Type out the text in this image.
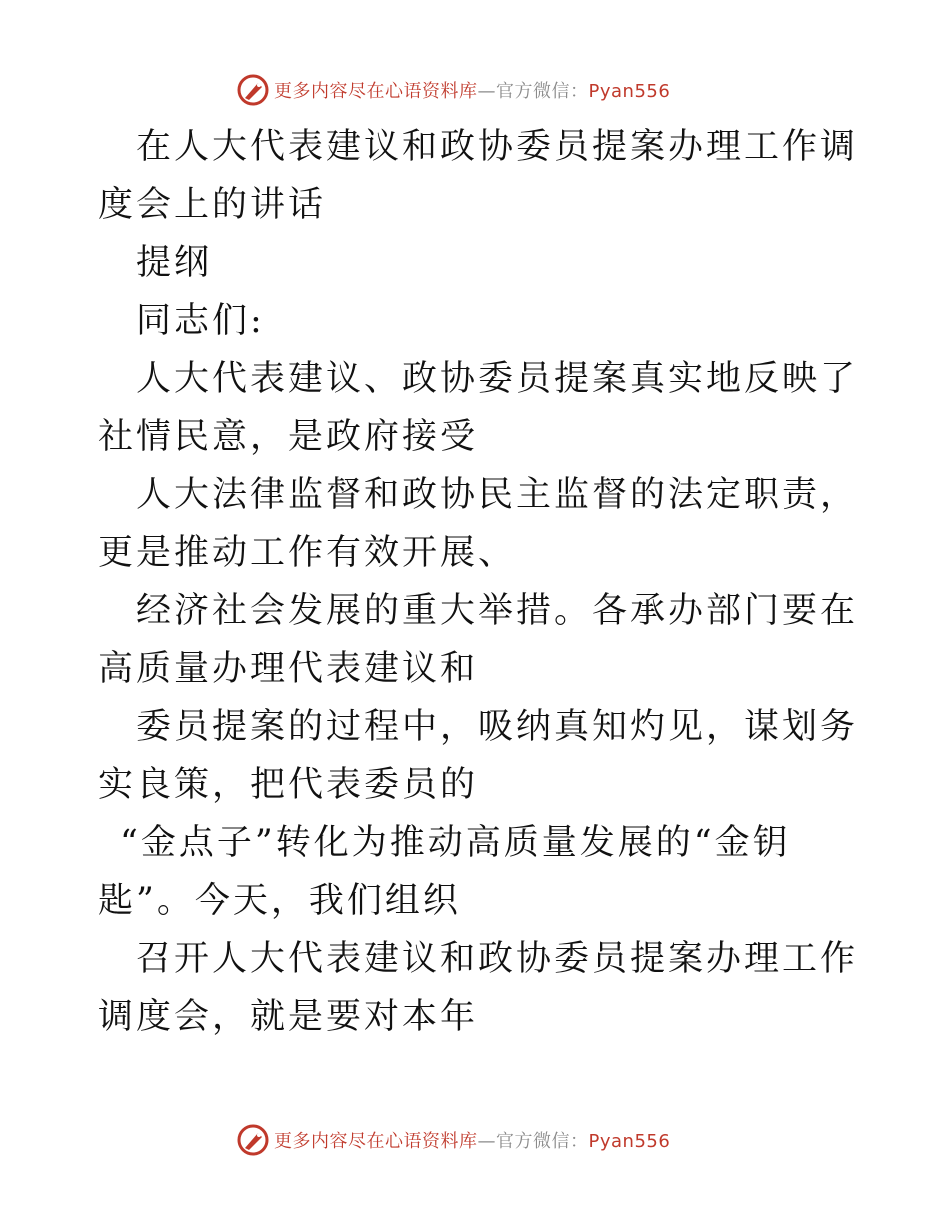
更多内容尽在心语资料库—官方微信：Pyan556

在人大代表建议和政协委员提案办理工作调度会上的讲话

提纲

同志们:

人大代表建议、政协委员提案真实地反映了社情民意，是政府接受

人大法律监督和政协民主监督的法定职责，更是推动工作有效开展、

经济社会发展的重大举措。各承办部门要在高质量办理代表建议和

委员提案的过程中，吸纳真知灼见，谋划务实良策，把代表委员的

“金点子”转化为推动高质量发展的“金钥匙”。今天，我们组织

召开人大代表建议和政协委员提案办理工作调度会，就是要对本年

更多内容尽在心语资料库—官方微信：Pyan556
